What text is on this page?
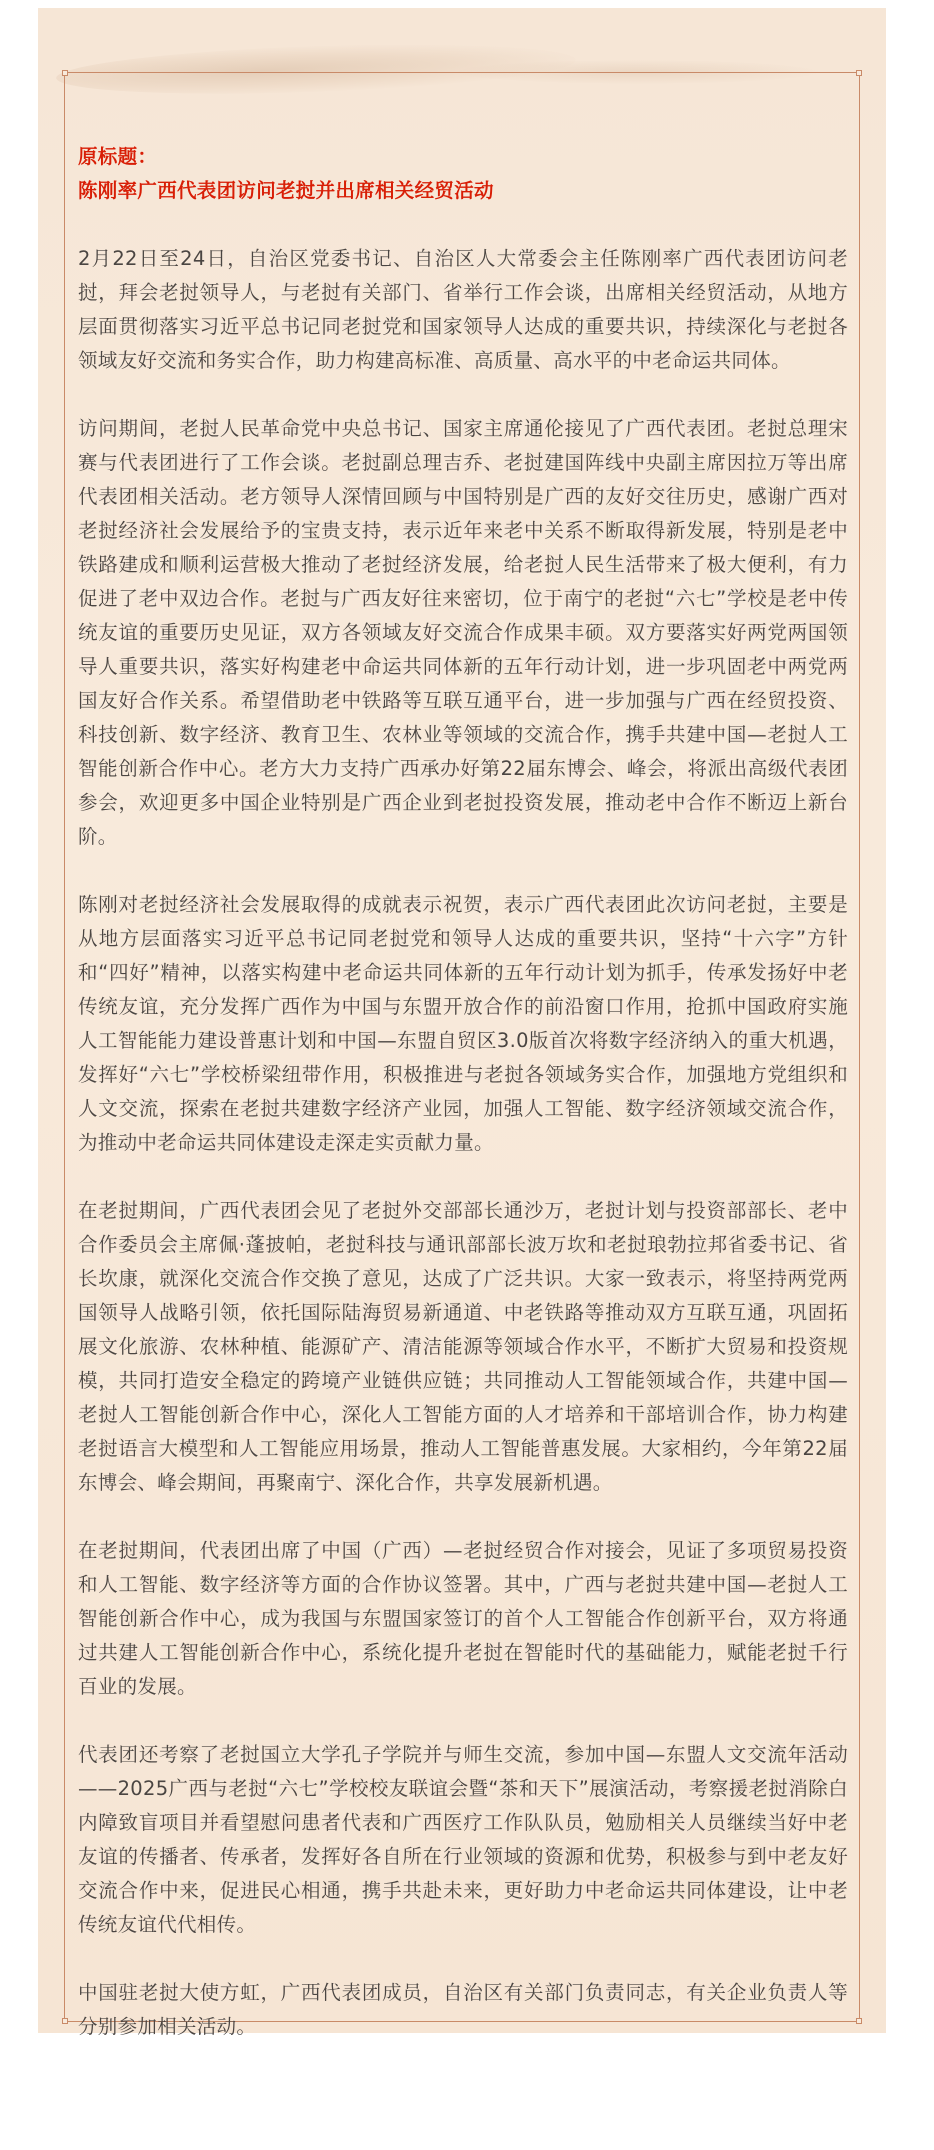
原标题：
陈刚率广西代表团访问老挝并出席相关经贸活动

2月22日至24日，自治区党委书记、自治区人大常委会主任陈刚率广西代表团访问老挝，拜会老挝领导人，与老挝有关部门、省举行工作会谈，出席相关经贸活动，从地方层面贯彻落实习近平总书记同老挝党和国家领导人达成的重要共识，持续深化与老挝各领域友好交流和务实合作，助力构建高标准、高质量、高水平的中老命运共同体。

访问期间，老挝人民革命党中央总书记、国家主席通伦接见了广西代表团。老挝总理宋赛与代表团进行了工作会谈。老挝副总理吉乔、老挝建国阵线中央副主席因拉万等出席代表团相关活动。老方领导人深情回顾与中国特别是广西的友好交往历史，感谢广西对老挝经济社会发展给予的宝贵支持，表示近年来老中关系不断取得新发展，特别是老中铁路建成和顺利运营极大推动了老挝经济发展，给老挝人民生活带来了极大便利，有力促进了老中双边合作。老挝与广西友好往来密切，位于南宁的老挝“六七”学校是老中传统友谊的重要历史见证，双方各领域友好交流合作成果丰硕。双方要落实好两党两国领导人重要共识，落实好构建老中命运共同体新的五年行动计划，进一步巩固老中两党两国友好合作关系。希望借助老中铁路等互联互通平台，进一步加强与广西在经贸投资、科技创新、数字经济、教育卫生、农林业等领域的交流合作，携手共建中国—老挝人工智能创新合作中心。老方大力支持广西承办好第22届东博会、峰会，将派出高级代表团参会，欢迎更多中国企业特别是广西企业到老挝投资发展，推动老中合作不断迈上新台阶。

陈刚对老挝经济社会发展取得的成就表示祝贺，表示广西代表团此次访问老挝，主要是从地方层面落实习近平总书记同老挝党和领导人达成的重要共识，坚持“十六字”方针和“四好”精神，以落实构建中老命运共同体新的五年行动计划为抓手，传承发扬好中老传统友谊，充分发挥广西作为中国与东盟开放合作的前沿窗口作用，抢抓中国政府实施人工智能能力建设普惠计划和中国—东盟自贸区3.0版首次将数字经济纳入的重大机遇，发挥好“六七”学校桥梁纽带作用，积极推进与老挝各领域务实合作，加强地方党组织和人文交流，探索在老挝共建数字经济产业园，加强人工智能、数字经济领域交流合作，为推动中老命运共同体建设走深走实贡献力量。

在老挝期间，广西代表团会见了老挝外交部部长通沙万，老挝计划与投资部部长、老中合作委员会主席佩·蓬披帕，老挝科技与通讯部部长波万坎和老挝琅勃拉邦省委书记、省长坎康，就深化交流合作交换了意见，达成了广泛共识。大家一致表示，将坚持两党两国领导人战略引领，依托国际陆海贸易新通道、中老铁路等推动双方互联互通，巩固拓展文化旅游、农林种植、能源矿产、清洁能源等领域合作水平，不断扩大贸易和投资规模，共同打造安全稳定的跨境产业链供应链；共同推动人工智能领域合作，共建中国—老挝人工智能创新合作中心，深化人工智能方面的人才培养和干部培训合作，协力构建老挝语言大模型和人工智能应用场景，推动人工智能普惠发展。大家相约，今年第22届东博会、峰会期间，再聚南宁、深化合作，共享发展新机遇。

在老挝期间，代表团出席了中国（广西）—老挝经贸合作对接会，见证了多项贸易投资和人工智能、数字经济等方面的合作协议签署。其中，广西与老挝共建中国—老挝人工智能创新合作中心，成为我国与东盟国家签订的首个人工智能合作创新平台，双方将通过共建人工智能创新合作中心，系统化提升老挝在智能时代的基础能力，赋能老挝千行百业的发展。

代表团还考察了老挝国立大学孔子学院并与师生交流，参加中国—东盟人文交流年活动——2025广西与老挝“六七”学校校友联谊会暨“茶和天下”展演活动，考察援老挝消除白内障致盲项目并看望慰问患者代表和广西医疗工作队队员，勉励相关人员继续当好中老友谊的传播者、传承者，发挥好各自所在行业领域的资源和优势，积极参与到中老友好交流合作中来，促进民心相通，携手共赴未来，更好助力中老命运共同体建设，让中老传统友谊代代相传。

中国驻老挝大使方虹，广西代表团成员，自治区有关部门负责同志，有关企业负责人等分别参加相关活动。
